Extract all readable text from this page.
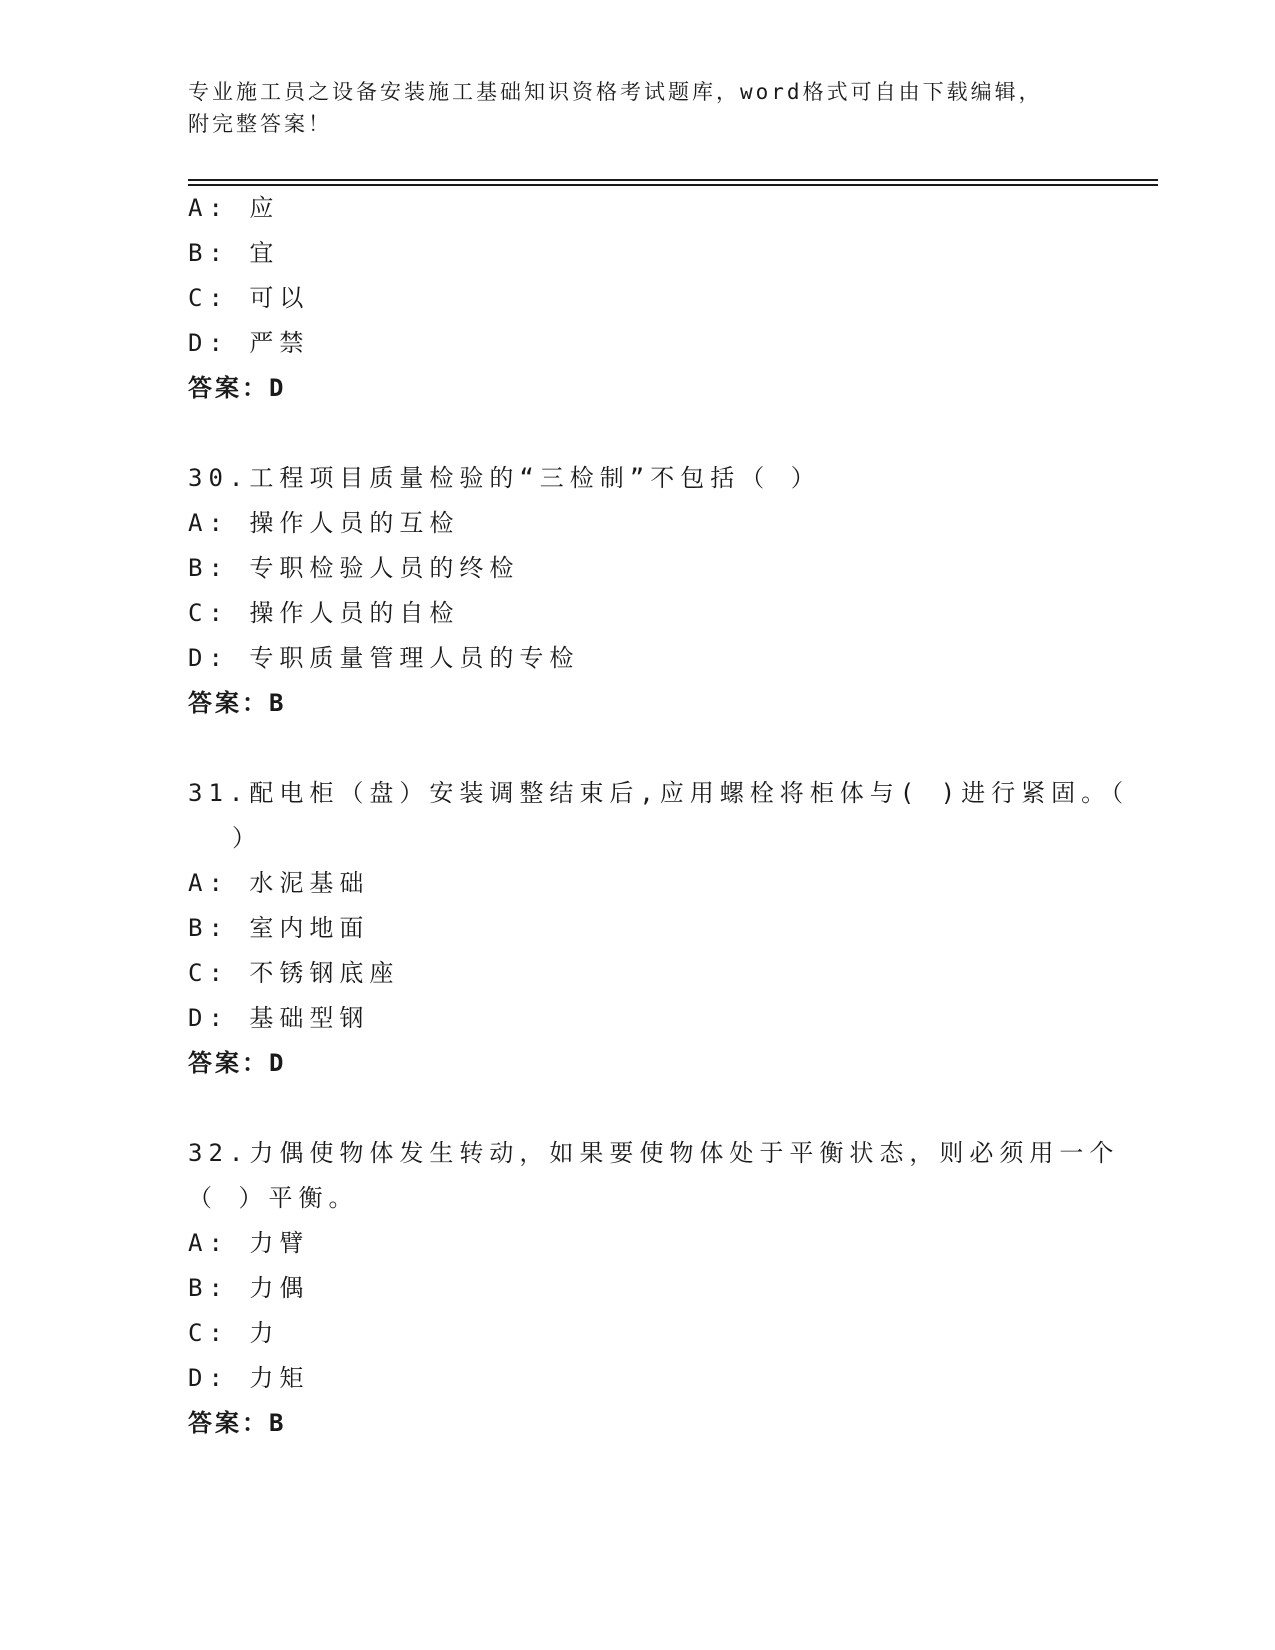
专业施工员之设备安装施工基础知识资格考试题库，word格式可自由下载编辑，
附完整答案！
A: 应
B: 宜
C: 可以
D: 严禁
答案：D
30.工程项目质量检验的“三检制”不包括（ ）
A: 操作人员的互检
B: 专职检验人员的终检
C: 操作人员的自检
D: 专职质量管理人员的专检
答案：B
31.配电柜（盘）安装调整结束后,应用螺栓将柜体与( )进行紧固。（
）
A: 水泥基础
B: 室内地面
C: 不锈钢底座
D: 基础型钢
答案：D
32.力偶使物体发生转动，如果要使物体处于平衡状态，则必须用一个
（ ）平衡。
A: 力臂
B: 力偶
C: 力
D: 力矩
答案：B
